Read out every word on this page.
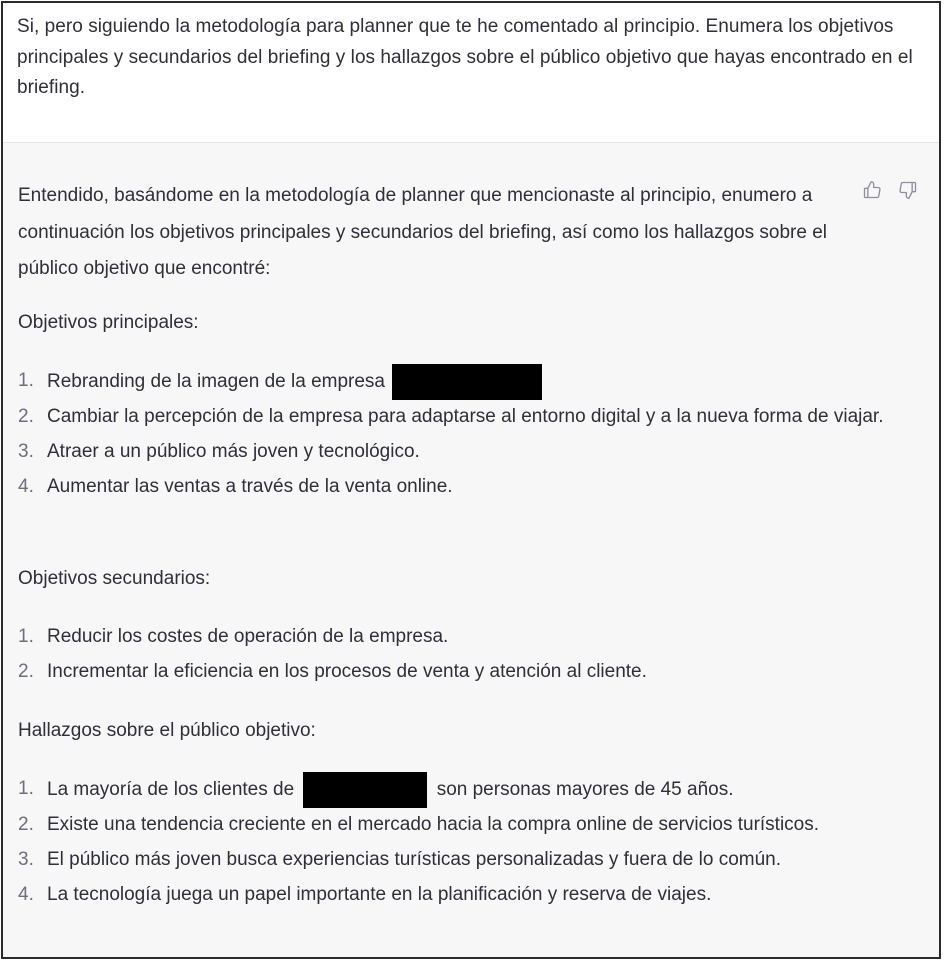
Si, pero siguiendo la metodología para planner que te he comentado al principio. Enumera los objetivos principales y secundarios del briefing y los hallazgos sobre el público objetivo que hayas encontrado en el briefing.

Entendido, basándome en la metodología de planner que mencionaste al principio, enumero a continuación los objetivos principales y secundarios del briefing, así como los hallazgos sobre el público objetivo que encontré:

Objetivos principales:

1. Rebranding de la imagen de la empresa
2. Cambiar la percepción de la empresa para adaptarse al entorno digital y a la nueva forma de viajar.
3. Atraer a un público más joven y tecnológico.
4. Aumentar las ventas a través de la venta online.

Objetivos secundarios:

1. Reducir los costes de operación de la empresa.
2. Incrementar la eficiencia en los procesos de venta y atención al cliente.

Hallazgos sobre el público objetivo:

1. La mayoría de los clientes de	son personas mayores de 45 años.
2. Existe una tendencia creciente en el mercado hacia la compra online de servicios turísticos.
3. El público más joven busca experiencias turísticas personalizadas y fuera de lo común.
4. La tecnología juega un papel importante en la planificación y reserva de viajes.
